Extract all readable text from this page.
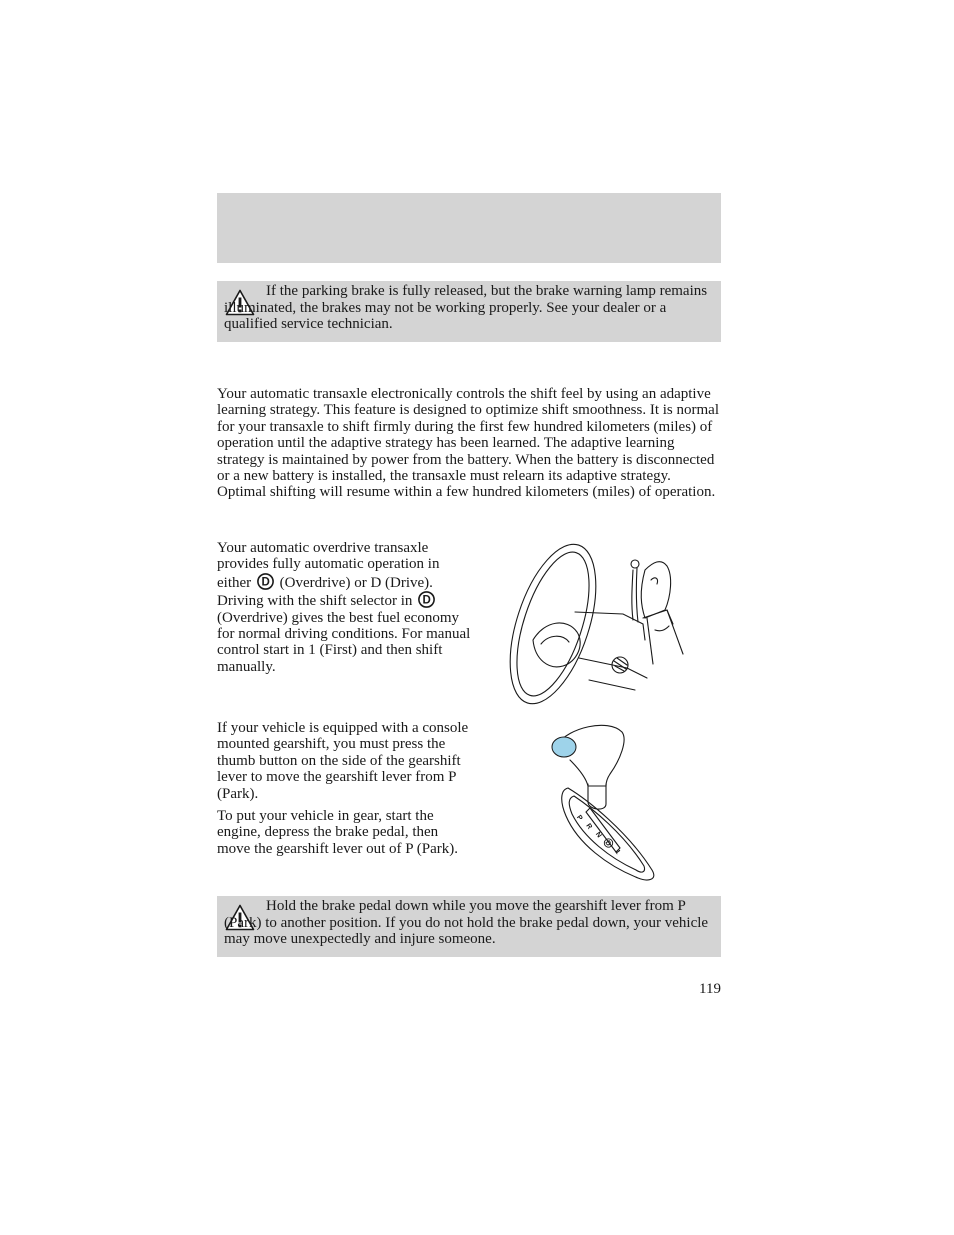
If the parking brake is fully released, but the brake warning lamp remains illuminated, the brakes may not be working properly. See your dealer or a qualified service technician.

Your automatic transaxle electronically controls the shift feel by using an adaptive learning strategy. This feature is designed to optimize shift smoothness. It is normal for your transaxle to shift firmly during the first few hundred kilometers (miles) of operation until the adaptive strategy has been learned. The adaptive learning strategy is maintained by power from the battery. When the battery is disconnected or a new battery is installed, the transaxle must relearn its adaptive strategy. Optimal shifting will resume within a few hundred kilometers (miles) of operation.

Your automatic overdrive transaxle provides fully automatic operation in either D (Overdrive) or D (Drive). Driving with the shift selector in D
(Overdrive) gives the best fuel economy for normal driving conditions. For manual control start in 1 (First) and then shift manually.

If your vehicle is equipped with a console mounted gearshift, you must press the thumb button on the side of the gearshift lever to move the gearshift lever from P (Park).

To put your vehicle in gear, start the engine, depress the brake pedal, then move the gearshift lever out of P (Park).

P
R
N
D
1

Hold the brake pedal down while you move the gearshift lever from P (Park) to another position. If you do not hold the brake pedal down, your vehicle may move unexpectedly and injure someone.

119
